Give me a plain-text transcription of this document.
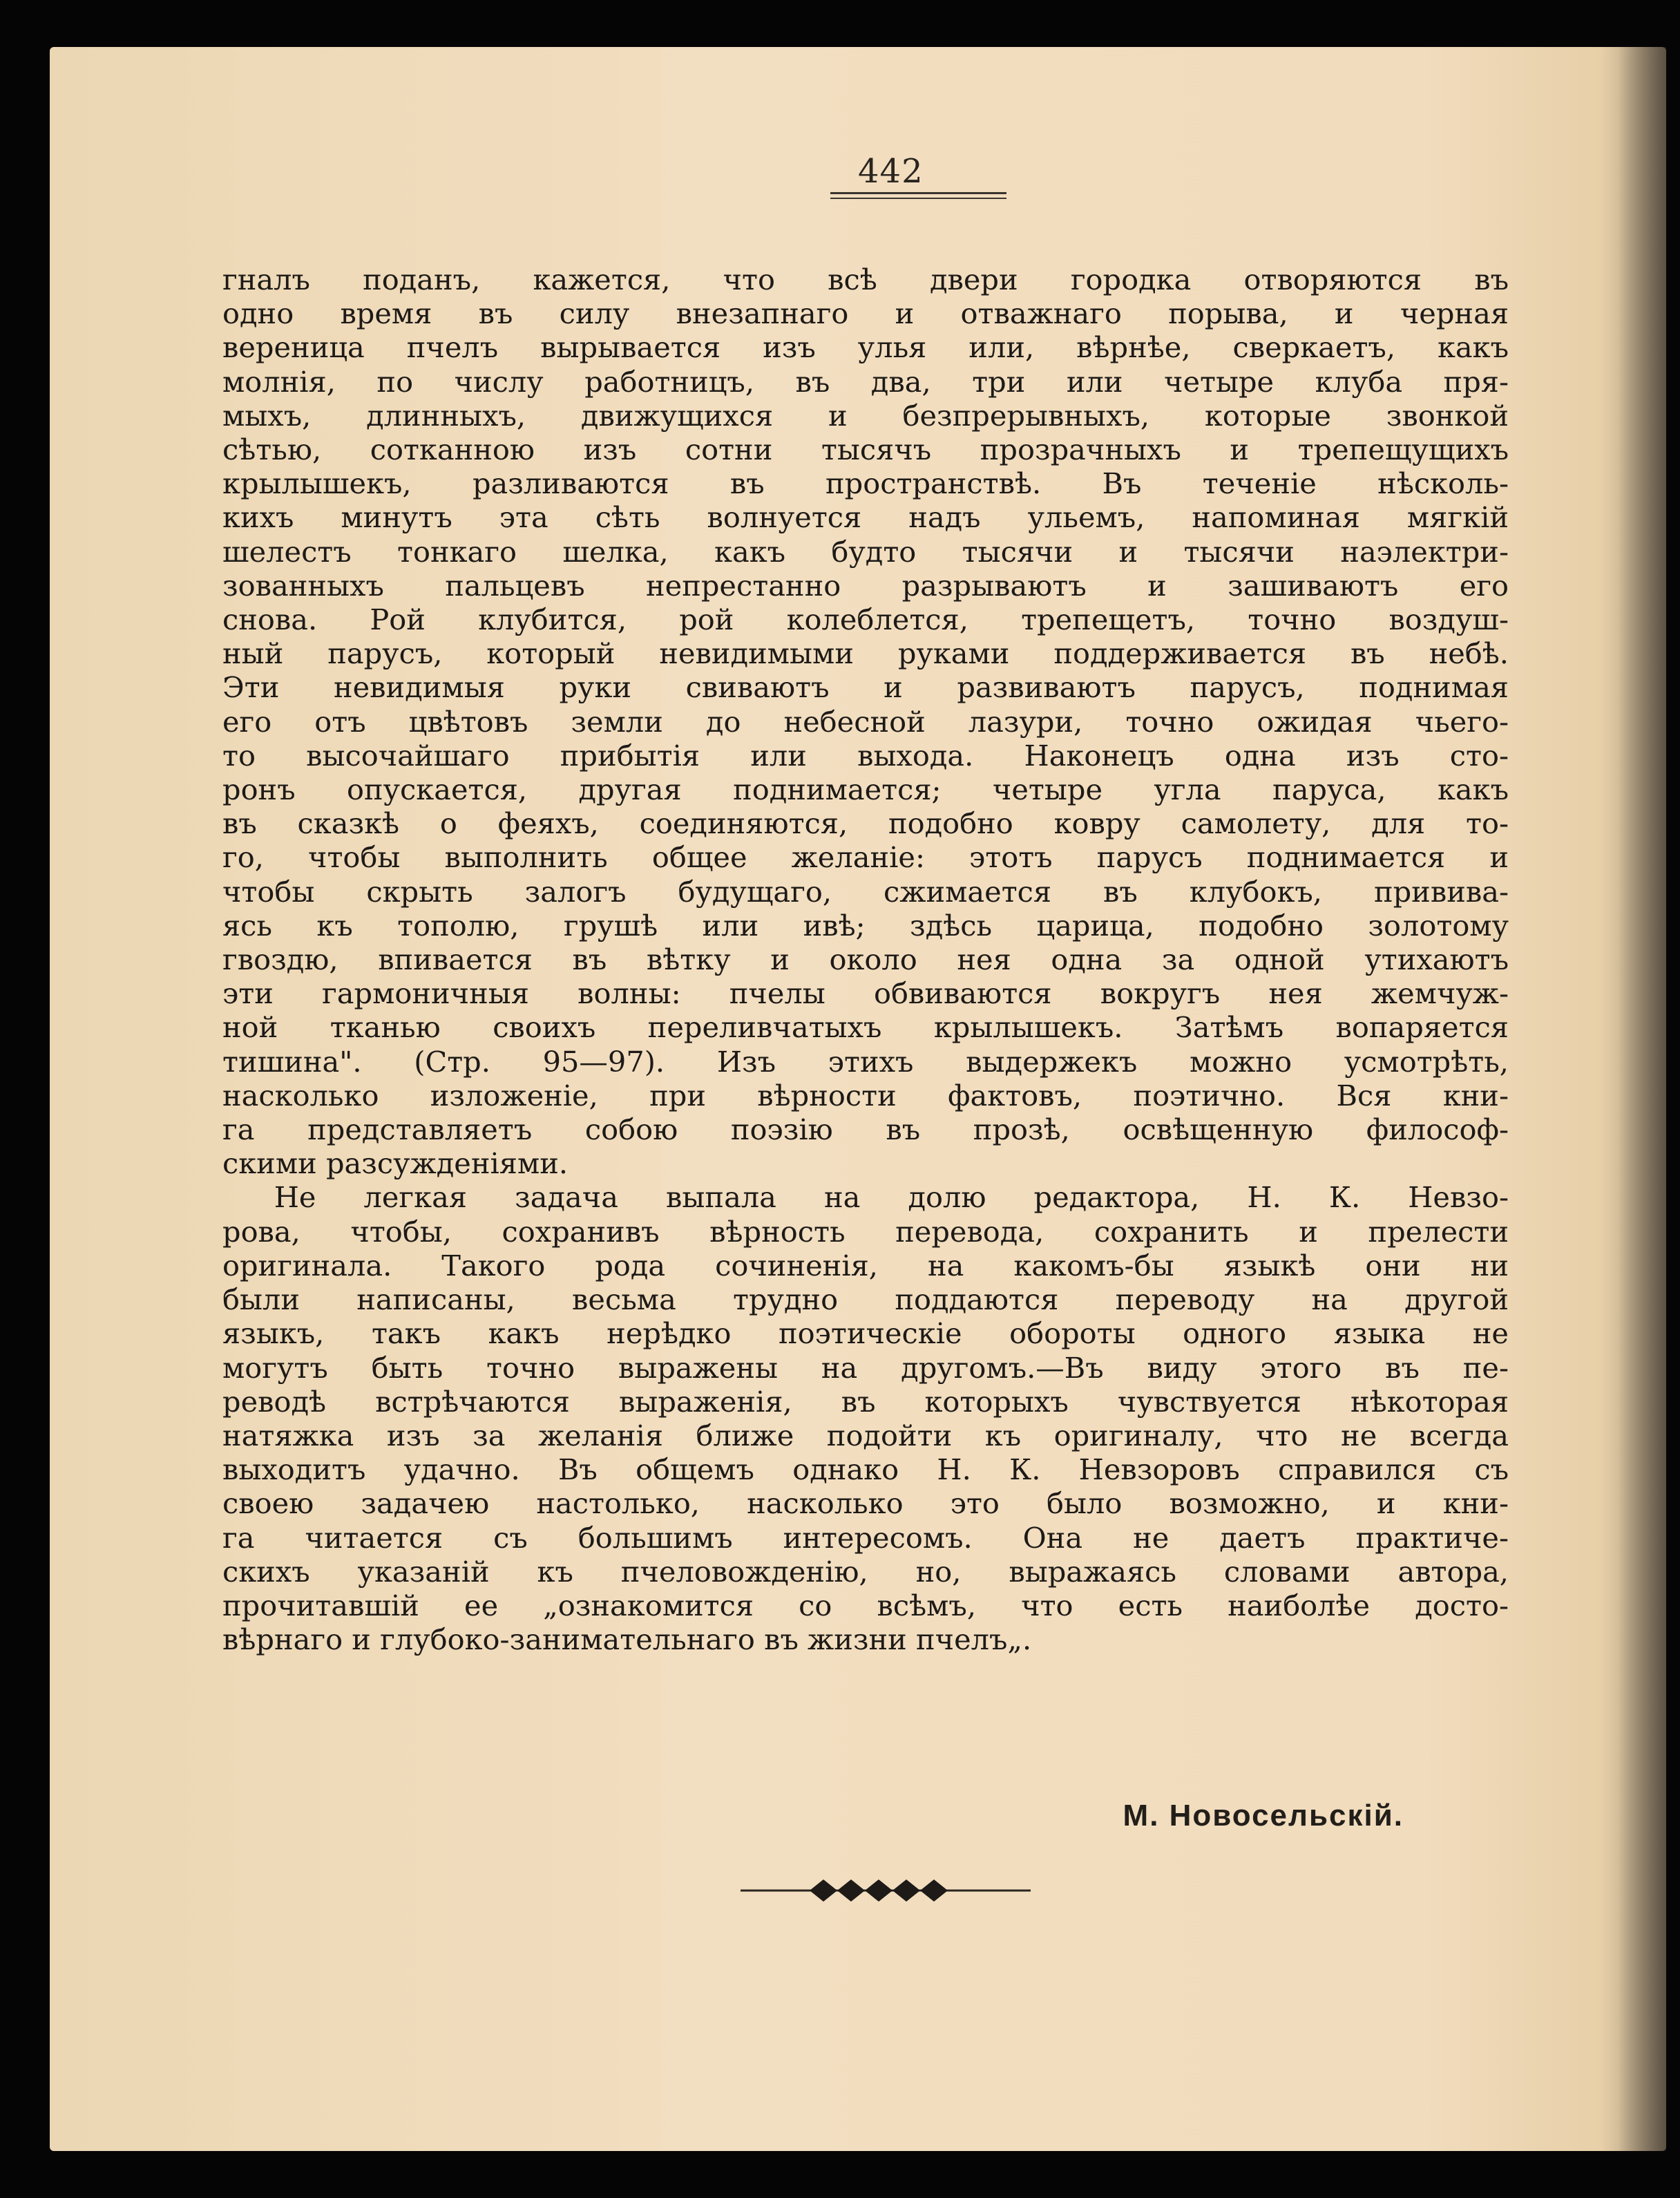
442
гналъ поданъ, кажется, что всѣ двери городка отворяются въ
одно время въ силу внезапнаго и отважнаго порыва, и черная
вереница пчелъ вырывается изъ улья или, вѣрнѣе, сверкаетъ, какъ
молнія, по числу работницъ, въ два, три или четыре клуба пря-
мыхъ, длинныхъ, движущихся и безпрерывныхъ, которые звонкой
сѣтью, сотканною изъ сотни тысячъ прозрачныхъ и трепещущихъ
крылышекъ, разливаются въ пространствѣ. Въ теченіе нѣсколь-
кихъ минутъ эта сѣть волнуется надъ ульемъ, напоминая мягкій
шелестъ тонкаго шелка, какъ будто тысячи и тысячи наэлектри-
зованныхъ пальцевъ непрестанно разрываютъ и зашиваютъ его
снова. Рой клубится, рой колеблется, трепещетъ, точно воздуш-
ный парусъ, который невидимыми руками поддерживается въ небѣ.
Эти невидимыя руки свиваютъ и развиваютъ парусъ, поднимая
его отъ цвѣтовъ земли до небесной лазури, точно ожидая чьего-
то высочайшаго прибытія или выхода. Наконецъ одна изъ сто-
ронъ опускается, другая поднимается; четыре угла паруса, какъ
въ сказкѣ о феяхъ, соединяются, подобно ковру самолету, для то-
го, чтобы выполнить общее желаніе: этотъ парусъ поднимается и
чтобы скрыть залогъ будущаго, сжимается въ клубокъ, привива-
ясь къ тополю, грушѣ или ивѣ; здѣсь царица, подобно золотому
гвоздю, впивается въ вѣтку и около нея одна за одной утихаютъ
эти гармоничныя волны: пчелы обвиваются вокругъ нея жемчуж-
ной тканью своихъ переливчатыхъ крылышекъ. Затѣмъ вопаряется
тишина". (Стр. 95—97). Изъ этихъ выдержекъ можно усмотрѣть,
насколько изложеніе, при вѣрности фактовъ, поэтично. Вся кни-
га представляетъ собою поэзію въ прозѣ, освѣщенную философ-
скими разсужденіями.
Не легкая задача выпала на долю редактора, Н. К. Невзо-
рова, чтобы, сохранивъ вѣрность перевода, сохранить и прелести
оригинала. Такого рода сочиненія, на какомъ-бы языкѣ они ни
были написаны, весьма трудно поддаются переводу на другой
языкъ, такъ какъ нерѣдко поэтическіе обороты одного языка не
могутъ быть точно выражены на другомъ.—Въ виду этого въ пе-
реводѣ встрѣчаются выраженія, въ которыхъ чувствуется нѣкоторая
натяжка изъ за желанія ближе подойти къ оригиналу, что не всегда
выходитъ удачно. Въ общемъ однако Н. К. Невзоровъ справился съ
своею задачею настолько, насколько это было возможно, и кни-
га читается съ большимъ интересомъ. Она не даетъ практиче-
скихъ указаній къ пчеловожденію, но, выражаясь словами автора,
прочитавшій ее „ознакомится со всѣмъ, что есть наиболѣе досто-
вѣрнаго и глубоко-занимательнаго въ жизни пчелъ„.

М. Новосельскій.
